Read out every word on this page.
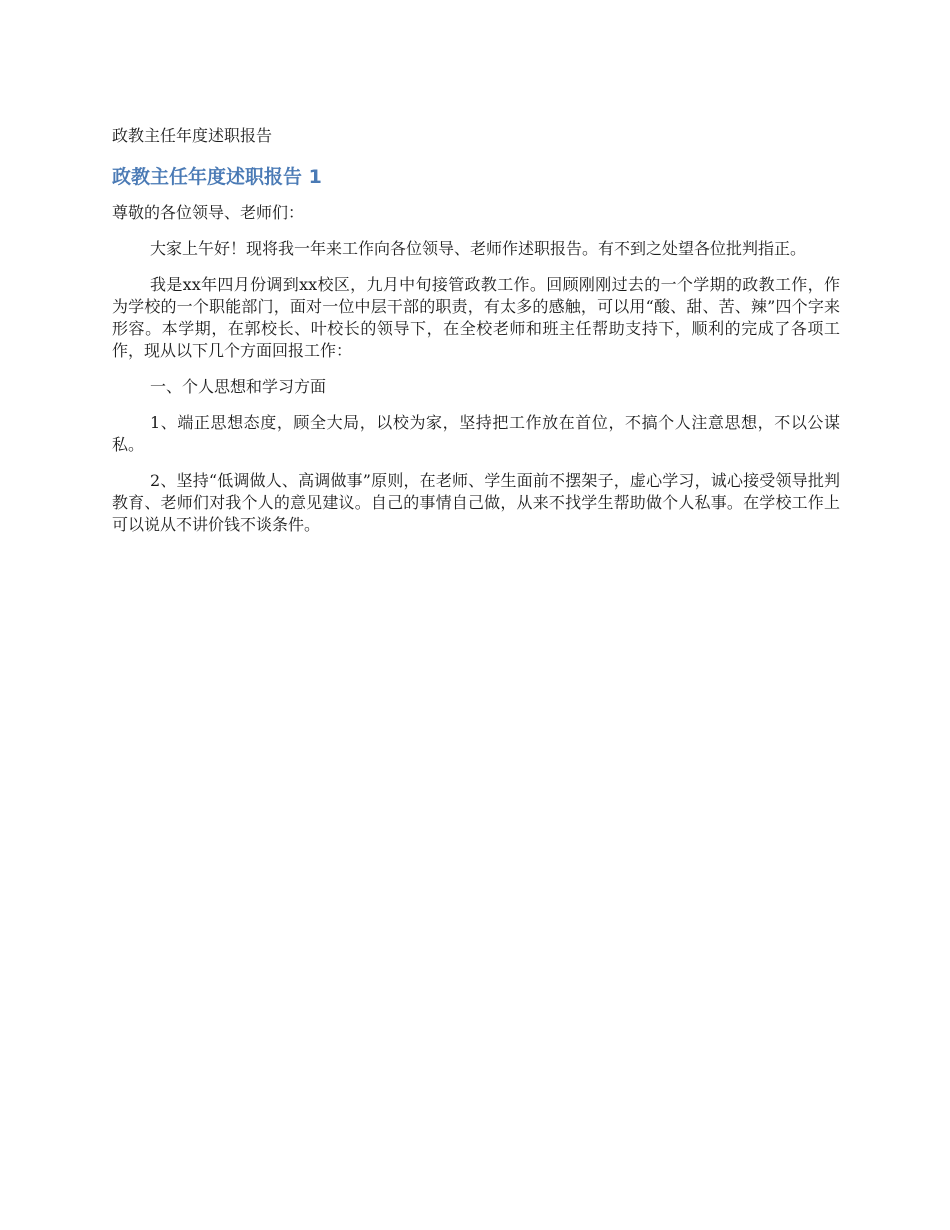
政教主任年度述职报告
政教主任年度述职报告 1
尊敬的各位领导、老师们：

大家上午好！现将我一年来工作向各位领导、老师作述职报告。有不到之处望各位批判指正。

我是xx年四月份调到xx校区，九月中旬接管政教工作。回顾刚刚过去的一个学期的政教工作，作为学校的一个职能部门，面对一位中层干部的职责，有太多的感触，可以用“酸、甜、苦、辣”四个字来形容。本学期，在郭校长、叶校长的领导下，在全校老师和班主任帮助支持下，顺利的完成了各项工作，现从以下几个方面回报工作：

一、个人思想和学习方面

1、端正思想态度，顾全大局，以校为家，坚持把工作放在首位，不搞个人注意思想，不以公谋私。

2、坚持“低调做人、高调做事”原则，在老师、学生面前不摆架子，虚心学习，诚心接受领导批判教育、老师们对我个人的意见建议。自己的事情自己做，从来不找学生帮助做个人私事。在学校工作上可以说从不讲价钱不谈条件。
